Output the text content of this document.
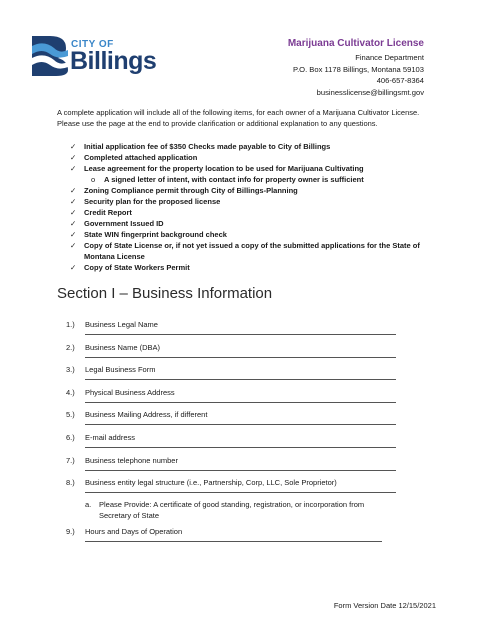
CITY OF
Billings
Marijuana Cultivator License
Finance Department
P.O. Box 1178 Billings, Montana 59103
406-657-8364
businesslicense@billingsmt.gov
A complete application will include all of the following items, for each owner of a Marijuana Cultivator License. Please use the page at the end to provide clarification or additional explanation to any questions.
✓ Initial application fee of $350 Checks made payable to City of Billings
✓ Completed attached application
✓ Lease agreement for the property location to be used for Marijuana Cultivating
o A signed letter of intent, with contact info for property owner is sufficient
✓ Zoning Compliance permit through City of Billings-Planning
✓ Security plan for the proposed license
✓ Credit Report
✓ Government Issued ID
✓ State WIN fingerprint background check
✓ Copy of State License or, if not yet issued a copy of the submitted applications for the State of Montana License
✓ Copy of State Workers Permit
Section I – Business Information
1.) Business Legal Name
2.) Business Name (DBA)
3.) Legal Business Form
4.) Physical Business Address
5.) Business Mailing Address, if different
6.) E-mail address
7.) Business telephone number
8.) Business entity legal structure (i.e., Partnership, Corp, LLC, Sole Proprietor)
a. Please Provide: A certificate of good standing, registration, or incorporation from Secretary of State
9.) Hours and Days of Operation
Form Version Date 12/15/2021
